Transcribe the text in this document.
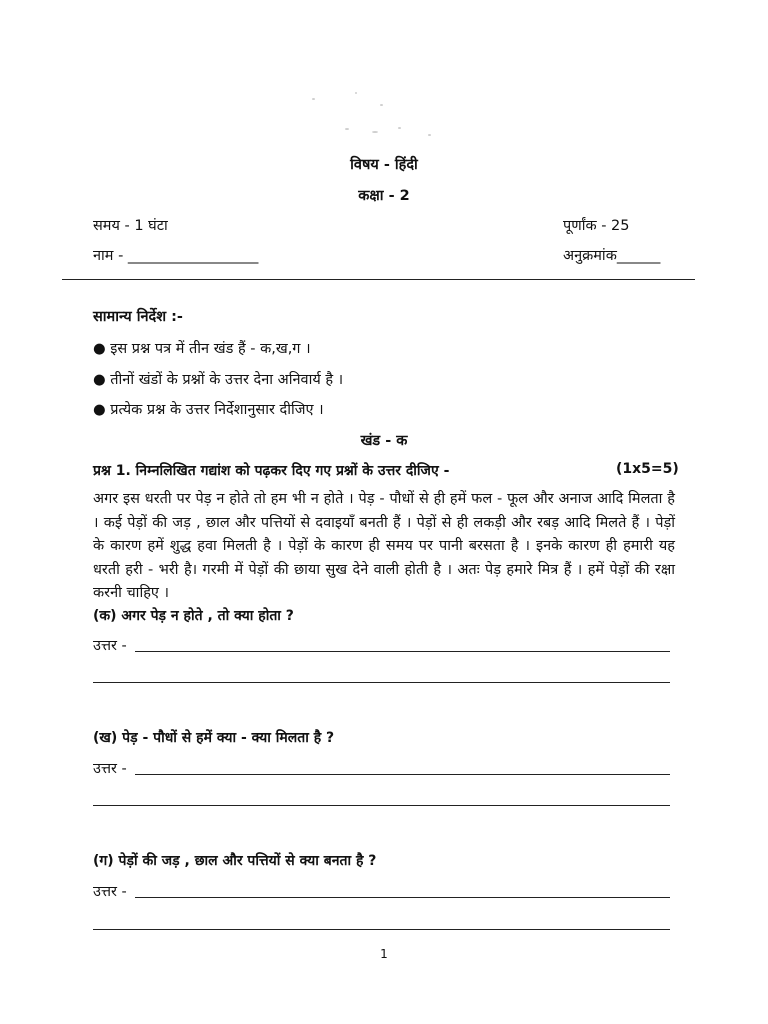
विषय - हिंदी
कक्षा - 2
समय - 1 घंटा	पूर्णांक - 25
नाम - __________________	अनुक्रमांक______
सामान्य निर्देश :-
● इस प्रश्न पत्र में तीन खंड हैं - क,ख,ग ।
● तीनों खंडों के प्रश्नों के उत्तर देना अनिवार्य है ।
● प्रत्येक प्रश्न के उत्तर निर्देशानुसार दीजिए ।
खंड - क
प्रश्न 1. निम्नलिखित गद्यांश को पढ़कर दिए गए प्रश्नों के उत्तर दीजिए -	(1x5=5)
अगर इस धरती पर पेड़ न होते तो हम भी न होते । पेड़ - पौधों से ही हमें फल - फूल और अनाज आदि मिलता है । कई पेड़ों की जड़ , छाल और पत्तियों से दवाइयाँ बनती हैं । पेड़ों से ही लकड़ी और रबड़ आदि मिलते हैं । पेड़ों के कारण हमें शुद्ध हवा मिलती है । पेड़ों के कारण ही समय पर पानी बरसता है । इनके कारण ही हमारी यह धरती हरी - भरी है। गरमी में पेड़ों की छाया सुख देने वाली होती है । अतः पेड़ हमारे मित्र हैं । हमें पेड़ों की रक्षा करनी चाहिए ।
(क) अगर पेड़ न होते , तो क्या होता ?
उत्तर -
(ख) पेड़ - पौधों से हमें क्या - क्या मिलता है ?
उत्तर -
(ग) पेड़ों की जड़ , छाल और पत्तियों से क्या बनता है ?
उत्तर -
1
